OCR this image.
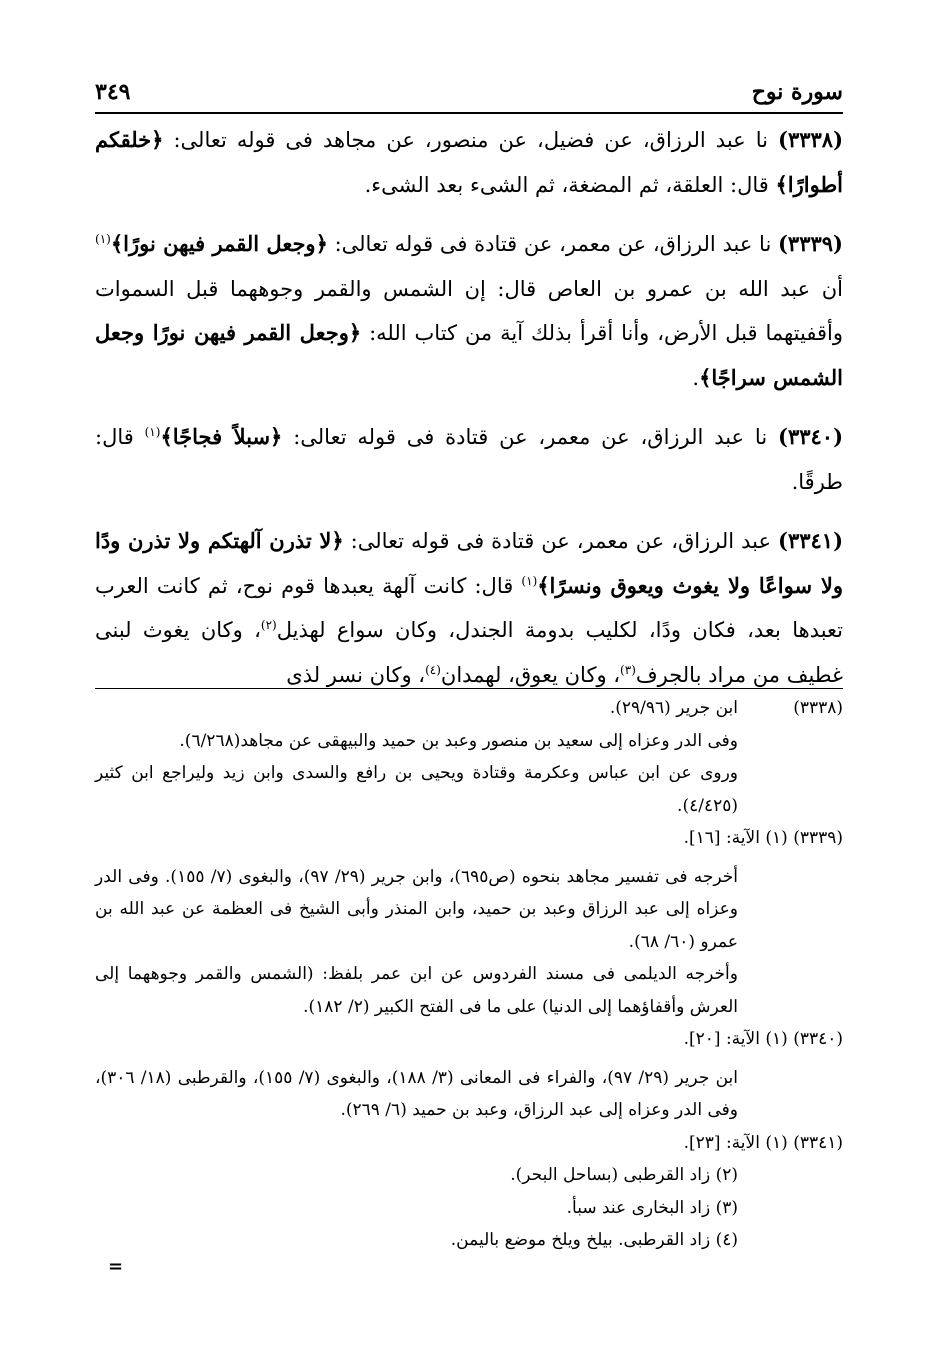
٣٤٩	سورة نوح

(٣٣٣٨) نا عبد الرزاق، عن فضيل، عن منصور، عن مجاهد فى قوله تعالى: ﴿خلقكم أطوارًا﴾ قال: العلقة، ثم المضغة، ثم الشىء بعد الشىء.

(٣٣٣٩) نا عبد الرزاق، عن معمر، عن قتادة فى قوله تعالى: ﴿وجعل القمر فيهن نورًا﴾$^{(١)}$ أن عبد الله بن عمرو بن العاص قال: إن الشمس والقمر وجوههما قبل السموات وأقفيتهما قبل الأرض، وأنا أقرأ بذلك آية من كتاب الله: ﴿وجعل القمر فيهن نورًا وجعل الشمس سراجًا﴾.

(٣٣٤٠) نا عبد الرزاق، عن معمر، عن قتادة فى قوله تعالى: ﴿سبلاً فجاجًا﴾$^{(١)}$ قال: طرقًا.

(٣٣٤١) عبد الرزاق، عن معمر، عن قتادة فى قوله تعالى: ﴿لا تذرن آلهتكم ولا تذرن ودًا ولا سواعًا ولا يغوث ويعوق ونسرًا﴾$^{(١)}$ قال: كانت آلهة يعبدها قوم نوح، ثم كانت العرب تعبدها بعد، فكان ودًا، لكليب بدومة الجندل، وكان سواع لهذيل$^{(٢)}$، وكان يغوث لبنى غطيف من مراد بالجرف$^{(٣)}$، وكان يعوق، لهمدان$^{(٤)}$، وكان نسر لذى

(٣٣٣٨)
ابن جرير (٢٩/٩٦).
وفى الدر وعزاه إلى سعيد بن منصور وعبد بن حميد والبيهقى عن مجاهد(٦/٢٦٨).
وروى عن ابن عباس وعكرمة وقتادة ويحيى بن رافع والسدى وابن زيد وليراجع ابن كثير (٤/٤٢٥).
(٣٣٣٩) (١) الآية: [١٦].
أخرجه فى تفسير مجاهد بنحوه (ص٦٩٥)، وابن جرير (٢٩/ ٩٧)، والبغوى (٧/ ١٥٥). وفى الدر وعزاه إلى عبد الرزاق وعبد بن حميد، وابن المنذر وأبى الشيخ فى العظمة عن عبد الله بن عمرو (٦٠/ ٦٨).
وأخرجه الديلمى فى مسند الفردوس عن ابن عمر بلفظ: (الشمس والقمر وجوههما إلى العرش وأقفاؤهما إلى الدنيا) على ما فى الفتح الكبير (٢/ ١٨٢).
(٣٣٤٠) (١) الآية: [٢٠].
ابن جرير (٢٩/ ٩٧)، والفراء فى المعانى (٣/ ١٨٨)، والبغوى (٧/ ١٥٥)، والقرطبى (١٨/ ٣٠٦)، وفى الدر وعزاه إلى عبد الرزاق، وعبد بن حميد (٦/ ٢٦٩).
(٣٣٤١) (١) الآية: [٢٣].
(٢) زاد القرطبى (بساحل البحر).
(٣) زاد البخارى عند سبأ.
(٤) زاد القرطبى. بيلخ ويلخ موضع باليمن.
=
